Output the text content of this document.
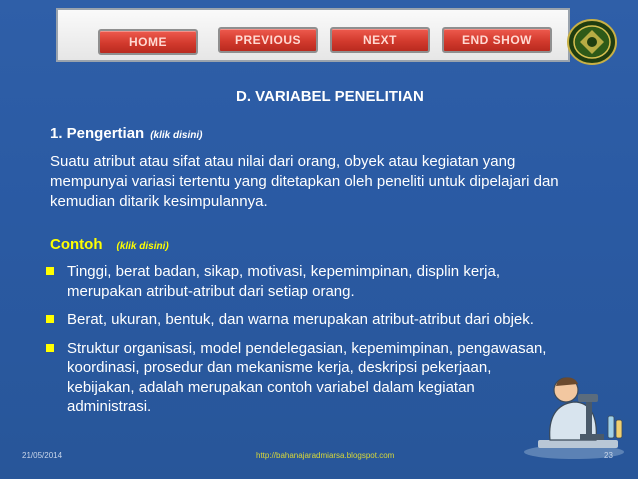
HOME	PREVIOUS	NEXT	END SHOW
D. VARIABEL PENELITIAN
1. Pengertian (klik disini)
Suatu atribut atau sifat atau nilai dari orang, obyek atau kegiatan yang mempunyai variasi tertentu yang ditetapkan oleh peneliti untuk dipelajari dan kemudian ditarik kesimpulannya.
Contoh (klik disini)
Tinggi, berat badan, sikap, motivasi, kepemimpinan, displin kerja, merupakan atribut-atribut dari setiap orang.
Berat, ukuran, bentuk, dan warna merupakan atribut-atribut dari objek.
Struktur organisasi, model pendelegasian, kepemimpinan, pengawasan, koordinasi, prosedur dan mekanisme kerja, deskripsi pekerjaan, kebijakan, adalah merupakan contoh variabel dalam kegiatan administrasi.
21/05/2014	http://bahanajaradmiarsa.blogspot.com	23
